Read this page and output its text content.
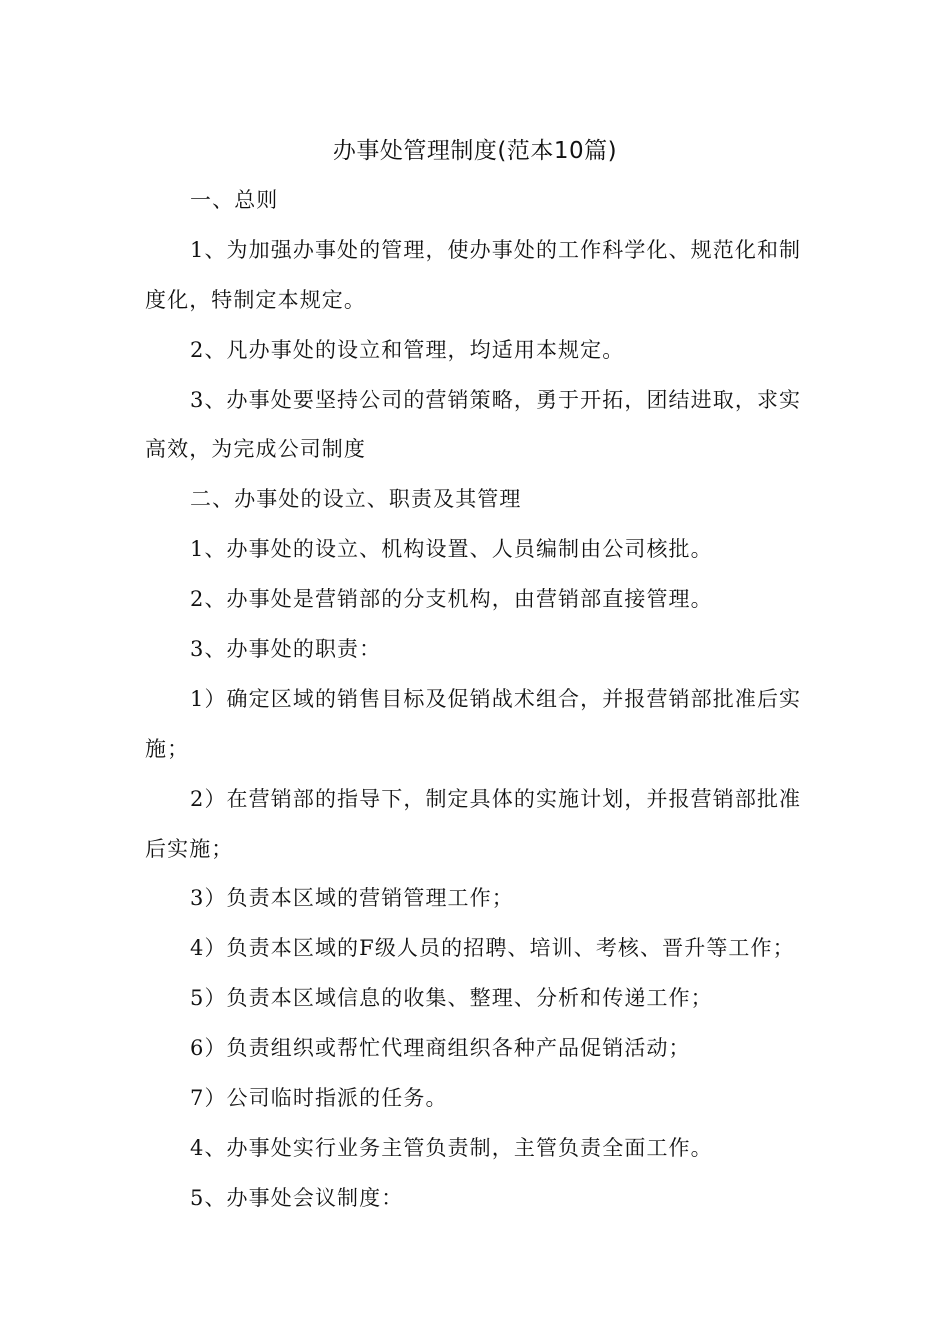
办事处管理制度(范本10篇)
一、总则
1、为加强办事处的管理，使办事处的工作科学化、规范化和制
度化，特制定本规定。
2、凡办事处的设立和管理，均适用本规定。
3、办事处要坚持公司的营销策略，勇于开拓，团结进取，求实
高效，为完成公司制度
二、办事处的设立、职责及其管理
1、办事处的设立、机构设置、人员编制由公司核批。
2、办事处是营销部的分支机构，由营销部直接管理。
3、办事处的职责：
1）确定区域的销售目标及促销战术组合，并报营销部批准后实
施；
2）在营销部的指导下，制定具体的实施计划，并报营销部批准
后实施；
3）负责本区域的营销管理工作；
4）负责本区域的F级人员的招聘、培训、考核、晋升等工作；
5）负责本区域信息的收集、整理、分析和传递工作；
6）负责组织或帮忙代理商组织各种产品促销活动；
7）公司临时指派的任务。
4、办事处实行业务主管负责制，主管负责全面工作。
5、办事处会议制度：
